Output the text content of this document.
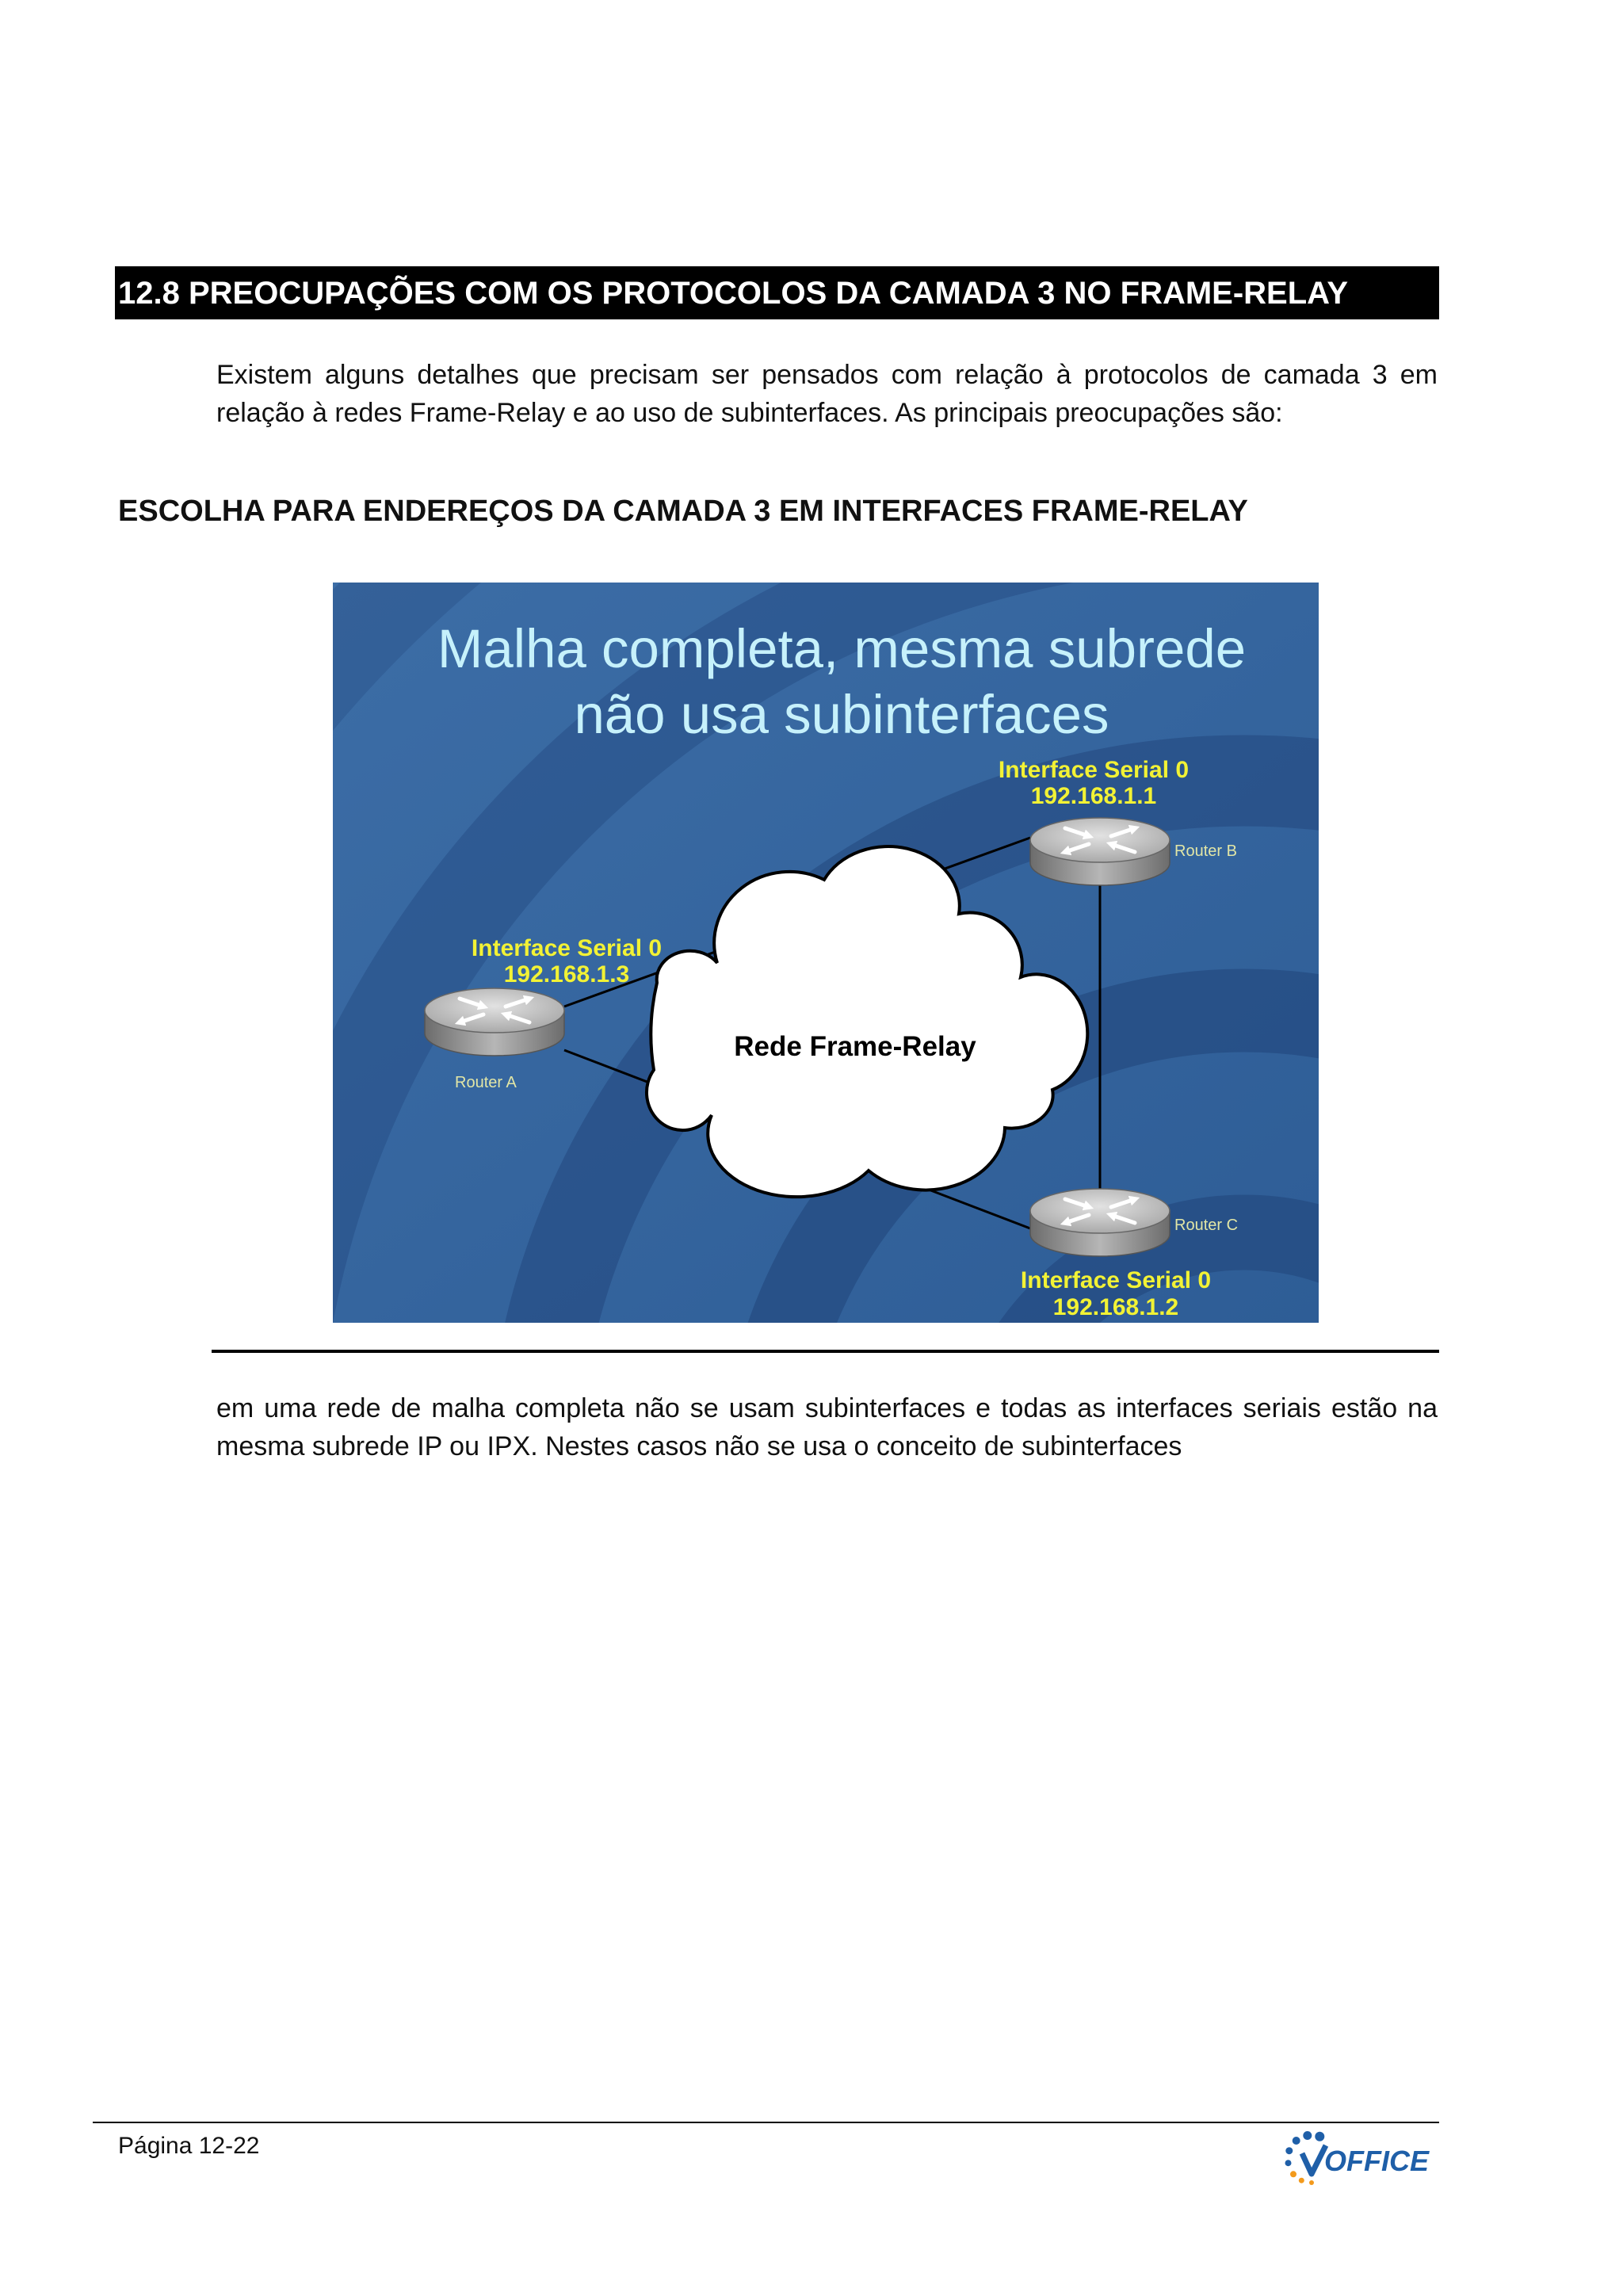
12.8 PREOCUPAÇÕES COM OS PROTOCOLOS DA CAMADA 3 NO FRAME-RELAY
Existem alguns detalhes que precisam ser pensados com relação à protocolos de camada 3 em
relação à redes Frame-Relay e ao uso de subinterfaces. As principais preocupações são:
ESCOLHA PARA ENDEREÇOS DA CAMADA 3 EM INTERFACES FRAME-RELAY
Malha completa, mesma subrede
não usa subinterfaces
Rede Frame-Relay
Interface Serial 0
192.168.1.3
Router A
Interface Serial 0
192.168.1.1
Router B
Interface Serial 0
192.168.1.2
Router C
em uma rede de malha completa não se usam subinterfaces e todas as interfaces seriais estão na
mesma subrede IP ou IPX. Nestes casos não se usa o conceito de subinterfaces
Página 12-22	OFFICE
